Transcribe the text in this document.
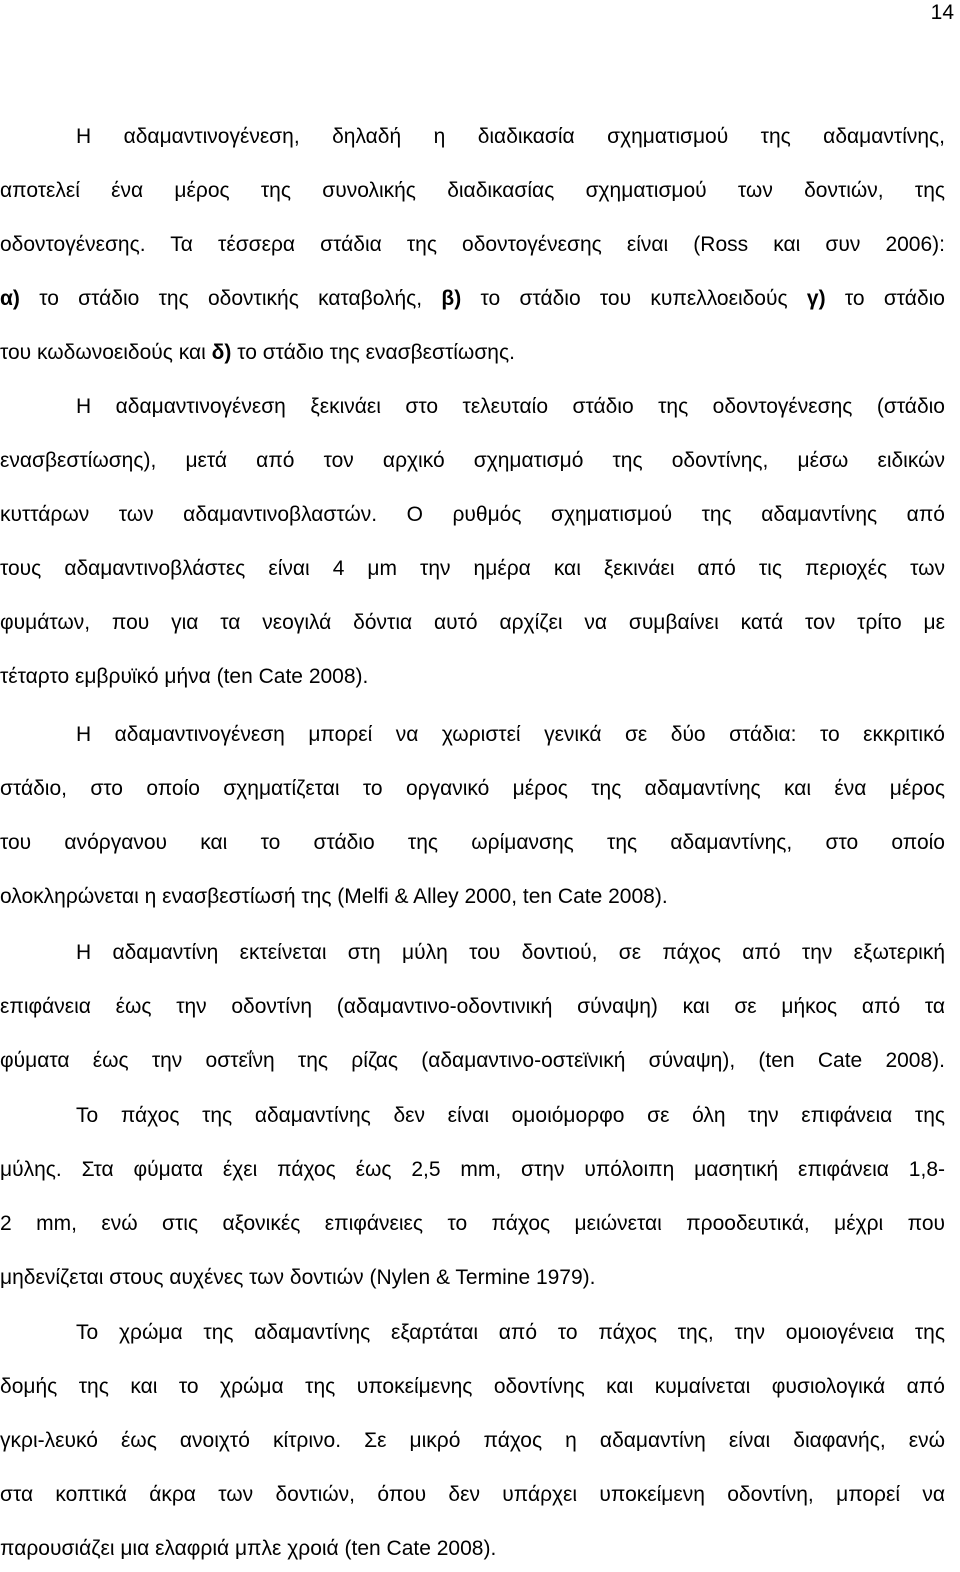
14
Η αδαμαντινογένεση, δηλαδή η διαδικασία σχηματισμού της αδαμαντίνης,
αποτελεί ένα μέρος της συνολικής διαδικασίας σχηματισμού των δοντιών, της
οδοντογένεσης. Τα τέσσερα στάδια της οδοντογένεσης είναι (Ross και συν 2006):
α) το στάδιο της οδοντικής καταβολής, β) το στάδιο του κυπελλοειδούς γ) το στάδιο
του κωδωνοειδούς και δ) το στάδιο της ενασβεστίωσης.
Η αδαμαντινογένεση ξεκινάει στο τελευταίο στάδιο της οδοντογένεσης (στάδιο
ενασβεστίωσης), μετά από τον αρχικό σχηματισμό της οδοντίνης, μέσω ειδικών
κυττάρων των αδαμαντινοβλαστών. Ο ρυθμός σχηματισμού της αδαμαντίνης από
τους αδαμαντινοβλάστες είναι 4 μm την ημέρα και ξεκινάει από τις περιοχές των
φυμάτων, που για τα νεογιλά δόντια αυτό αρχίζει να συμβαίνει κατά τον τρίτο με
τέταρτο εμβρυϊκό μήνα (ten Cate 2008).
Η αδαμαντινογένεση μπορεί να χωριστεί γενικά σε δύο στάδια: το εκκριτικό
στάδιο, στο οποίο σχηματίζεται το οργανικό μέρος της αδαμαντίνης και ένα μέρος
του ανόργανου και το στάδιο της ωρίμανσης της αδαμαντίνης, στο οποίο
ολοκληρώνεται η ενασβεστίωσή της (Melfi & Alley 2000, ten Cate 2008).
Η αδαμαντίνη εκτείνεται στη μύλη του δοντιού, σε πάχος από την εξωτερική
επιφάνεια έως την οδοντίνη (αδαμαντινο-οδοντινική σύναψη) και σε μήκος από τα
φύματα έως την οστεΐνη της ρίζας (αδαμαντινο-οστεϊνική σύναψη), (ten Cate 2008).
Το πάχος της αδαμαντίνης δεν είναι ομοιόμορφο σε όλη την επιφάνεια της
μύλης. Στα φύματα έχει πάχος έως 2,5 mm, στην υπόλοιπη μασητική επιφάνεια 1,8-
2 mm, ενώ στις αξονικές επιφάνειες το πάχος μειώνεται προοδευτικά, μέχρι που
μηδενίζεται στους αυχένες των δοντιών (Nylen & Termine 1979).
Το χρώμα της αδαμαντίνης εξαρτάται από το πάχος της, την ομοιογένεια της
δομής της και το χρώμα της υποκείμενης οδοντίνης και κυμαίνεται φυσιολογικά από
γκρι-λευκό έως ανοιχτό κίτρινο. Σε μικρό πάχος η αδαμαντίνη είναι διαφανής, ενώ
στα κοπτικά άκρα των δοντιών, όπου δεν υπάρχει υποκείμενη οδοντίνη, μπορεί να
παρουσιάζει μια ελαφριά μπλε χροιά (ten Cate 2008).
